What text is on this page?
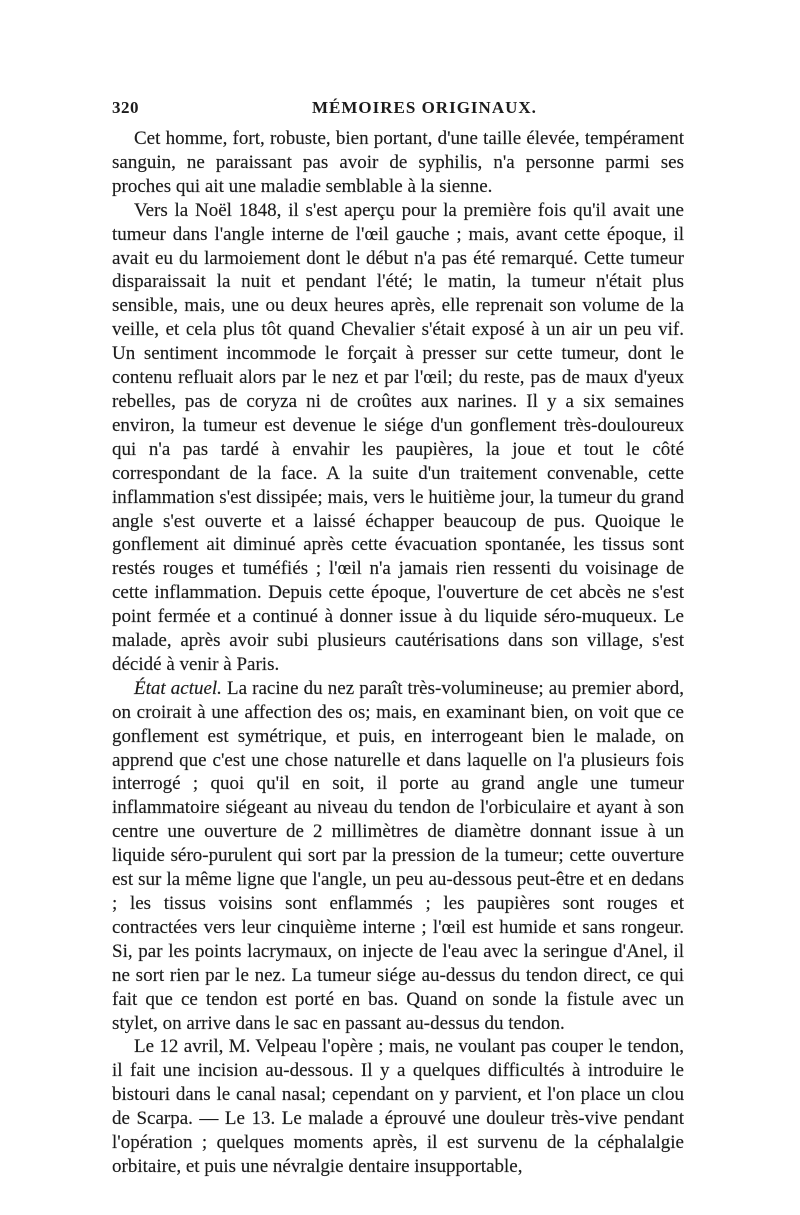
320	MÉMOIRES ORIGINAUX.

Cet homme, fort, robuste, bien portant, d'une taille élevée, tempérament sanguin, ne paraissant pas avoir de syphilis, n'a personne parmi ses proches qui ait une maladie semblable à la sienne.

Vers la Noël 1848, il s'est aperçu pour la première fois qu'il avait une tumeur dans l'angle interne de l'œil gauche ; mais, avant cette époque, il avait eu du larmoiement dont le début n'a pas été remarqué. Cette tumeur disparaissait la nuit et pendant l'été; le matin, la tumeur n'était plus sensible, mais, une ou deux heures après, elle reprenait son volume de la veille, et cela plus tôt quand Chevalier s'était exposé à un air un peu vif. Un sentiment incommode le forçait à presser sur cette tumeur, dont le contenu refluait alors par le nez et par l'œil; du reste, pas de maux d'yeux rebelles, pas de coryza ni de croûtes aux narines. Il y a six semaines environ, la tumeur est devenue le siége d'un gonflement très-douloureux qui n'a pas tardé à envahir les paupières, la joue et tout le côté correspondant de la face. A la suite d'un traitement convenable, cette inflammation s'est dissipée; mais, vers le huitième jour, la tumeur du grand angle s'est ouverte et a laissé échapper beaucoup de pus. Quoique le gonflement ait diminué après cette évacuation spontanée, les tissus sont restés rouges et tuméfiés ; l'œil n'a jamais rien ressenti du voisinage de cette inflammation. Depuis cette époque, l'ouverture de cet abcès ne s'est point fermée et a continué à donner issue à du liquide séro-muqueux. Le malade, après avoir subi plusieurs cautérisations dans son village, s'est décidé à venir à Paris.

État actuel. La racine du nez paraît très-volumineuse; au premier abord, on croirait à une affection des os; mais, en examinant bien, on voit que ce gonflement est symétrique, et puis, en interrogeant bien le malade, on apprend que c'est une chose naturelle et dans laquelle on l'a plusieurs fois interrogé ; quoi qu'il en soit, il porte au grand angle une tumeur inflammatoire siégeant au niveau du tendon de l'orbiculaire et ayant à son centre une ouverture de 2 millimètres de diamètre donnant issue à un liquide séro-purulent qui sort par la pression de la tumeur; cette ouverture est sur la même ligne que l'angle, un peu au-dessous peut-être et en dedans ; les tissus voisins sont enflammés ; les paupières sont rouges et contractées vers leur cinquième interne ; l'œil est humide et sans rongeur. Si, par les points lacrymaux, on injecte de l'eau avec la seringue d'Anel, il ne sort rien par le nez. La tumeur siége au-dessus du tendon direct, ce qui fait que ce tendon est porté en bas. Quand on sonde la fistule avec un stylet, on arrive dans le sac en passant au-dessus du tendon.

Le 12 avril, M. Velpeau l'opère ; mais, ne voulant pas couper le tendon, il fait une incision au-dessous. Il y a quelques difficultés à introduire le bistouri dans le canal nasal; cependant on y parvient, et l'on place un clou de Scarpa. — Le 13. Le malade a éprouvé une douleur très-vive pendant l'opération ; quelques moments après, il est survenu de la céphalalgie orbitaire, et puis une névralgie dentaire insupportable,
